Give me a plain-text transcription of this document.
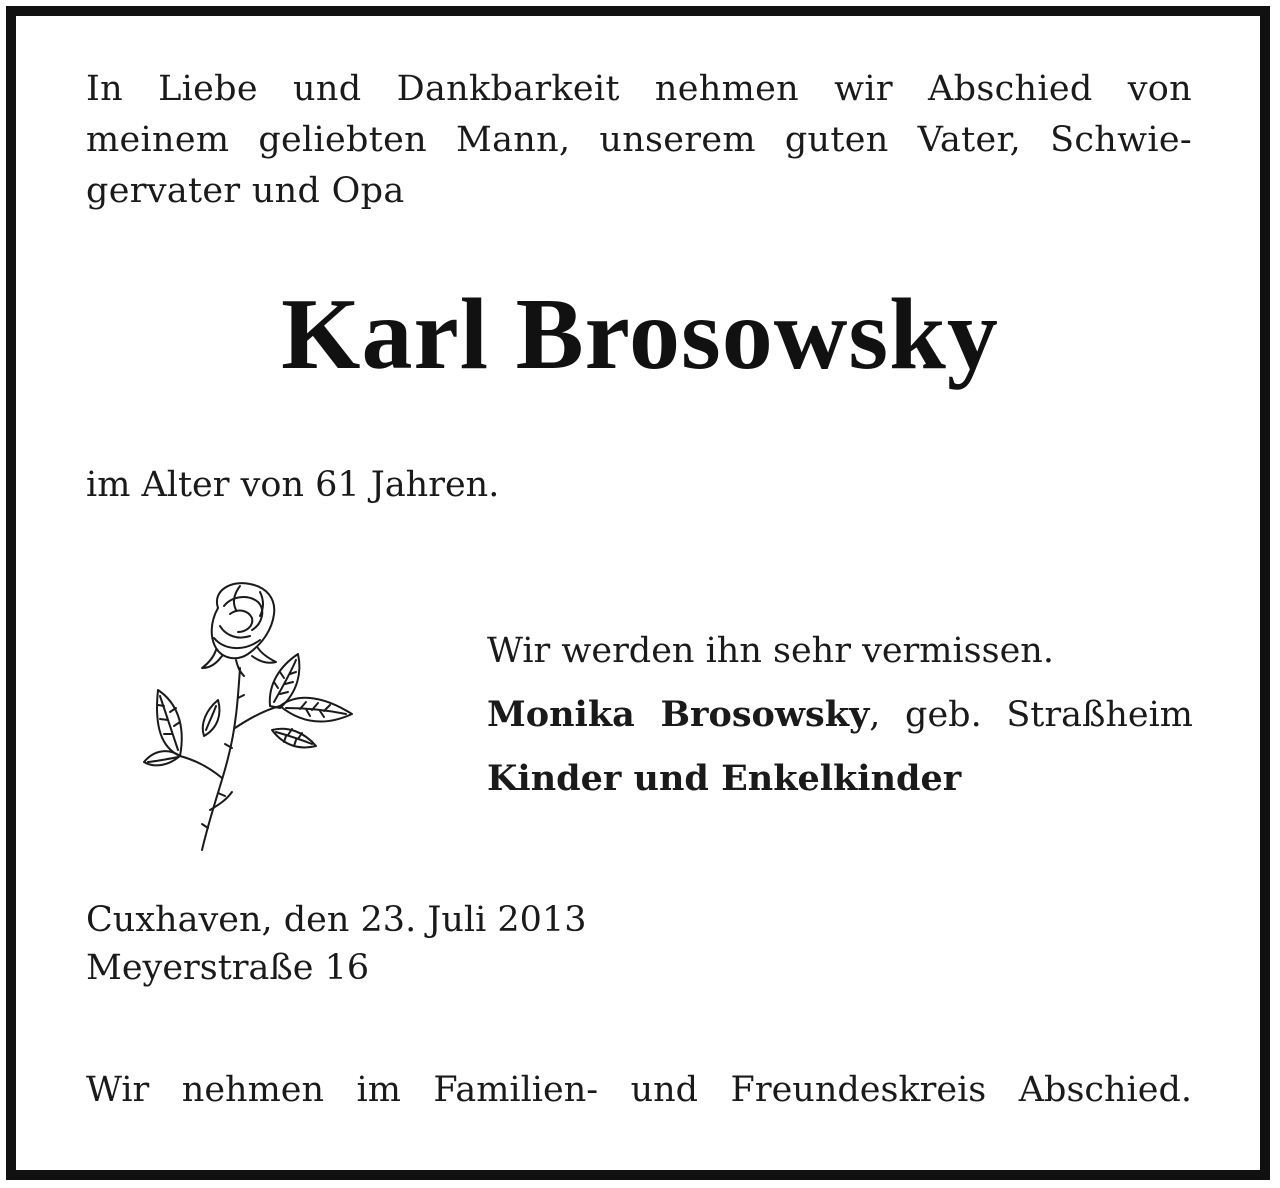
In Liebe und Dankbarkeit nehmen wir Abschied von
meinem geliebten Mann, unserem guten Vater, Schwie-
gervater und Opa

Karl Brosowsky

im Alter von 61 Jahren.

Wir werden ihn sehr vermissen.
Monika Brosowsky, geb. Straßheim
Kinder und Enkelkinder

Cuxhaven, den 23. Juli 2013
Meyerstraße 16

Wir nehmen im Familien- und Freundeskreis Abschied.
